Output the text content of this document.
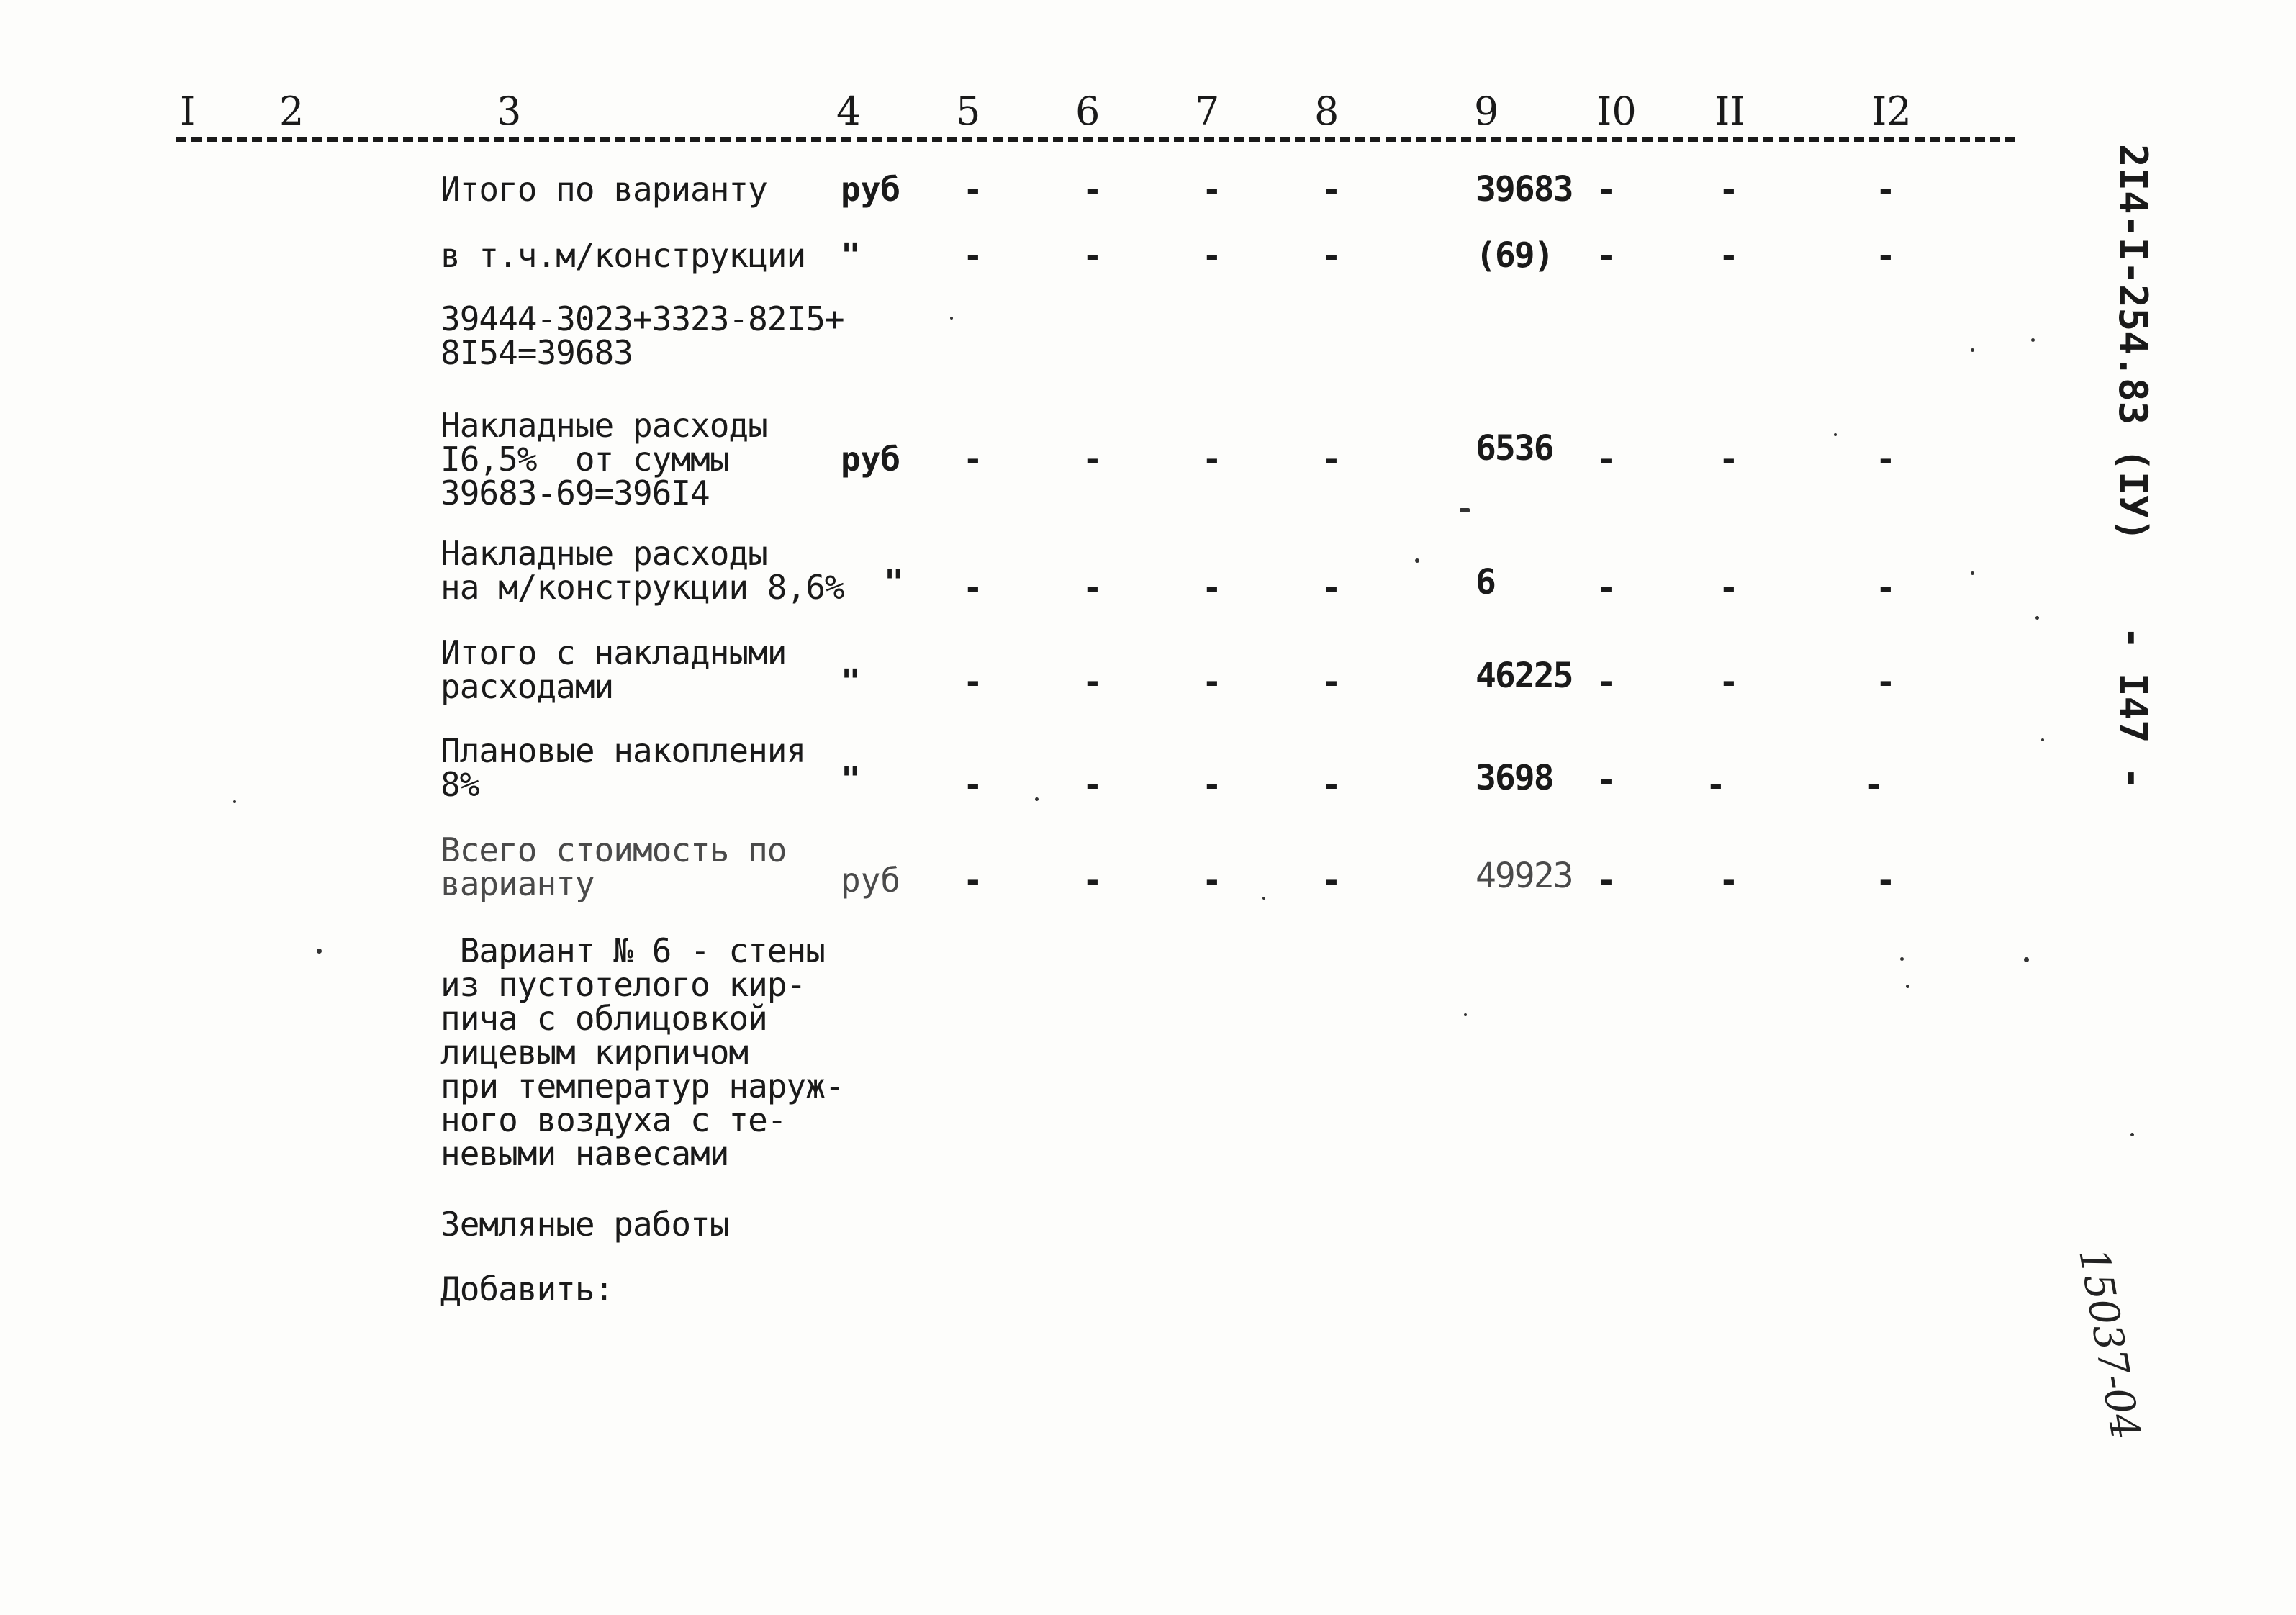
I 2	3	4 5 6 7 8	9	I0 II	I2
Итого по варианту руб -	-	-	-	39683 -	-	-
в т.ч.м/конструкции "	-	-	-	-	(69) -	-	-
39444-3023+3323-82I5+
8I54=39683
Накладные расходы
I6,5%  от суммы
39683-69=396I4
руб -	-	-	-	6536 -	-	-
Накладные расходы
на м/конструкции 8,6% " -	-	-	-	6	-	-	-
Итого с накладными
расходами	"	-	-	-	-	46225 -	-	-
Плановые накопления
8%	"	-	-	-	-	3698 -	-	-
Всего стоимость по
варианту	руб -	-	-	-	49923 -	-	-
Вариант № 6 - стены
из пустотелого кир-
пича с облицовкой
лицевым кирпичом
при температур наруж-
ного воздуха с те-
невыми навесами
Земляные работы
Добавить:
2I4-I-254.83 (IУ)
- I47 -
15037-04
